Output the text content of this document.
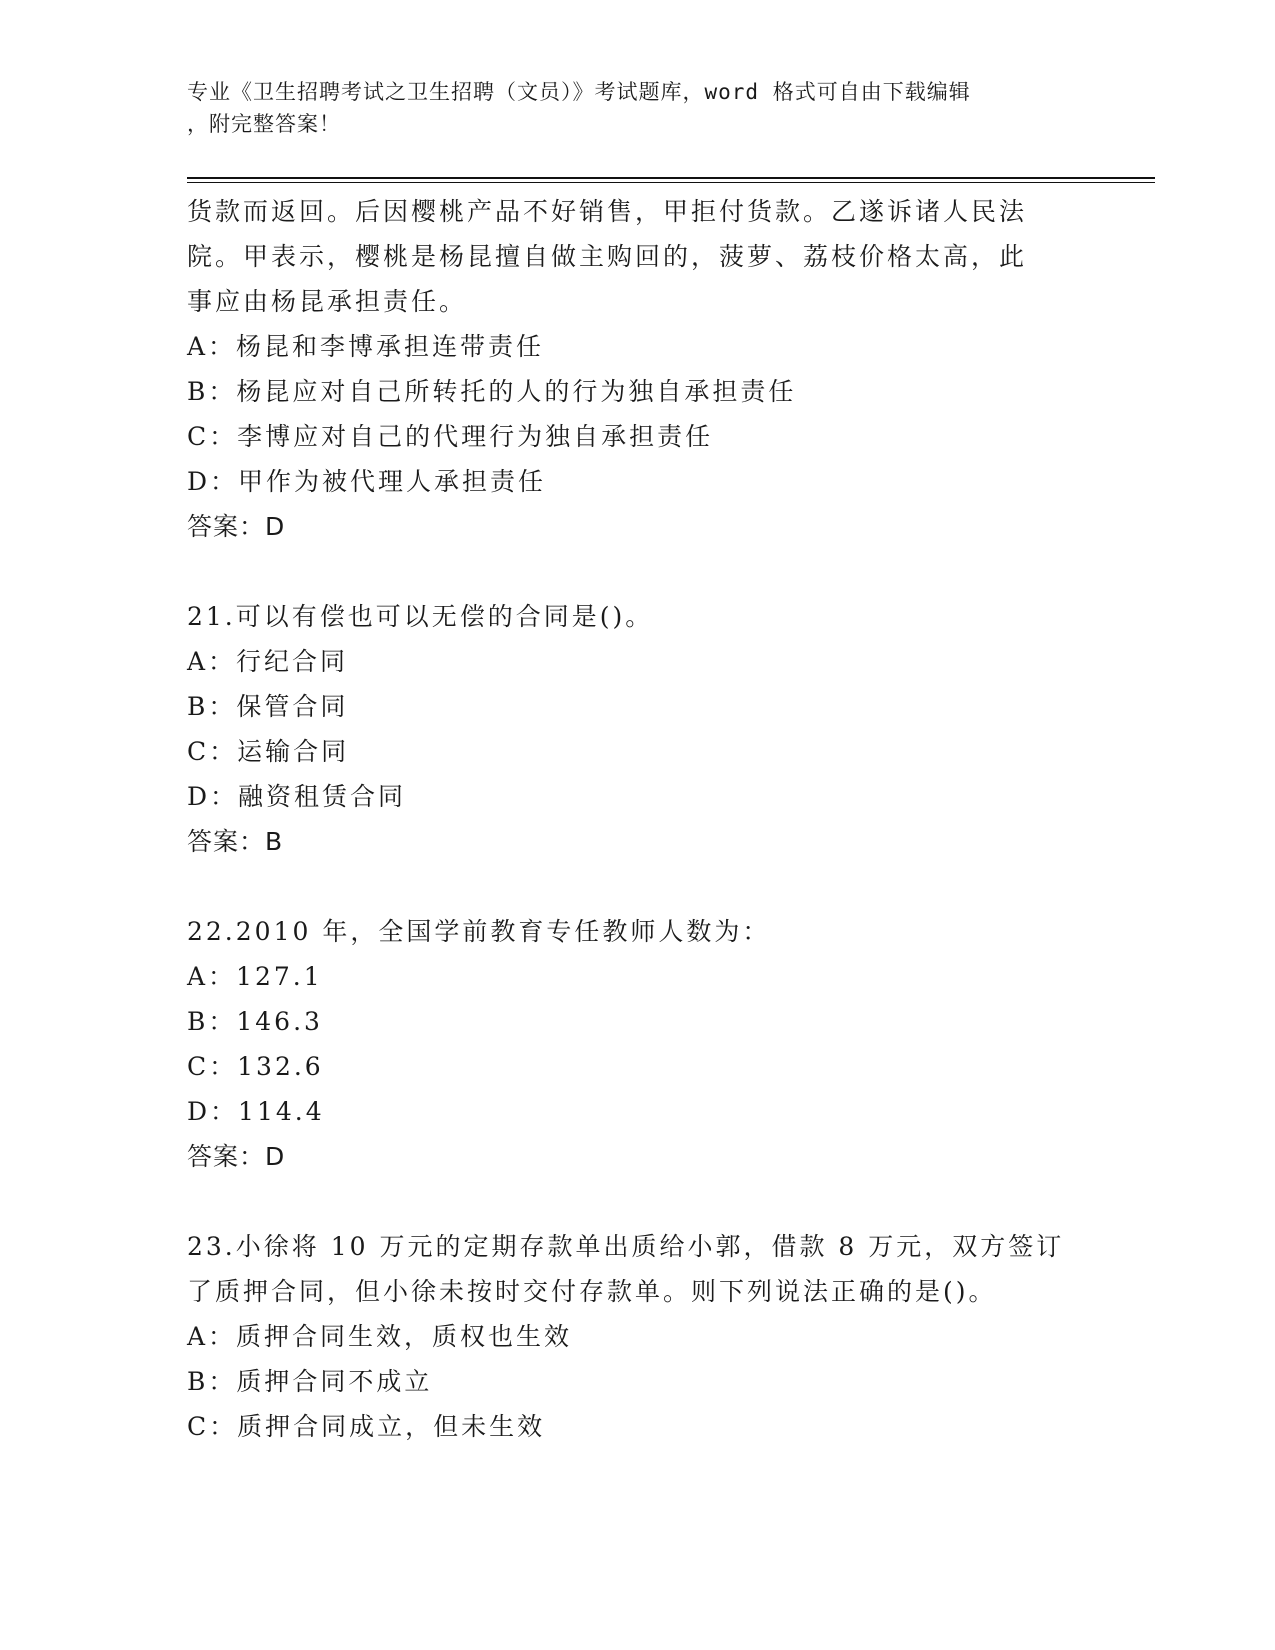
专业《卫生招聘考试之卫生招聘（文员）》考试题库，word 格式可自由下载编辑
，附完整答案！
货款而返回。后因樱桃产品不好销售，甲拒付货款。乙遂诉诸人民法
院。甲表示，樱桃是杨昆擅自做主购回的，菠萝、荔枝价格太高，此
事应由杨昆承担责任。
A：杨昆和李博承担连带责任
B：杨昆应对自己所转托的人的行为独自承担责任
C：李博应对自己的代理行为独自承担责任
D：甲作为被代理人承担责任
答案：D
21.可以有偿也可以无偿的合同是()。
A：行纪合同
B：保管合同
C：运输合同
D：融资租赁合同
答案：B
22.2010 年，全国学前教育专任教师人数为：
A：127.1
B：146.3
C：132.6
D：114.4
答案：D
23.小徐将 10 万元的定期存款单出质给小郭，借款 8 万元，双方签订
了质押合同，但小徐未按时交付存款单。则下列说法正确的是()。
A：质押合同生效，质权也生效
B：质押合同不成立
C：质押合同成立，但未生效
